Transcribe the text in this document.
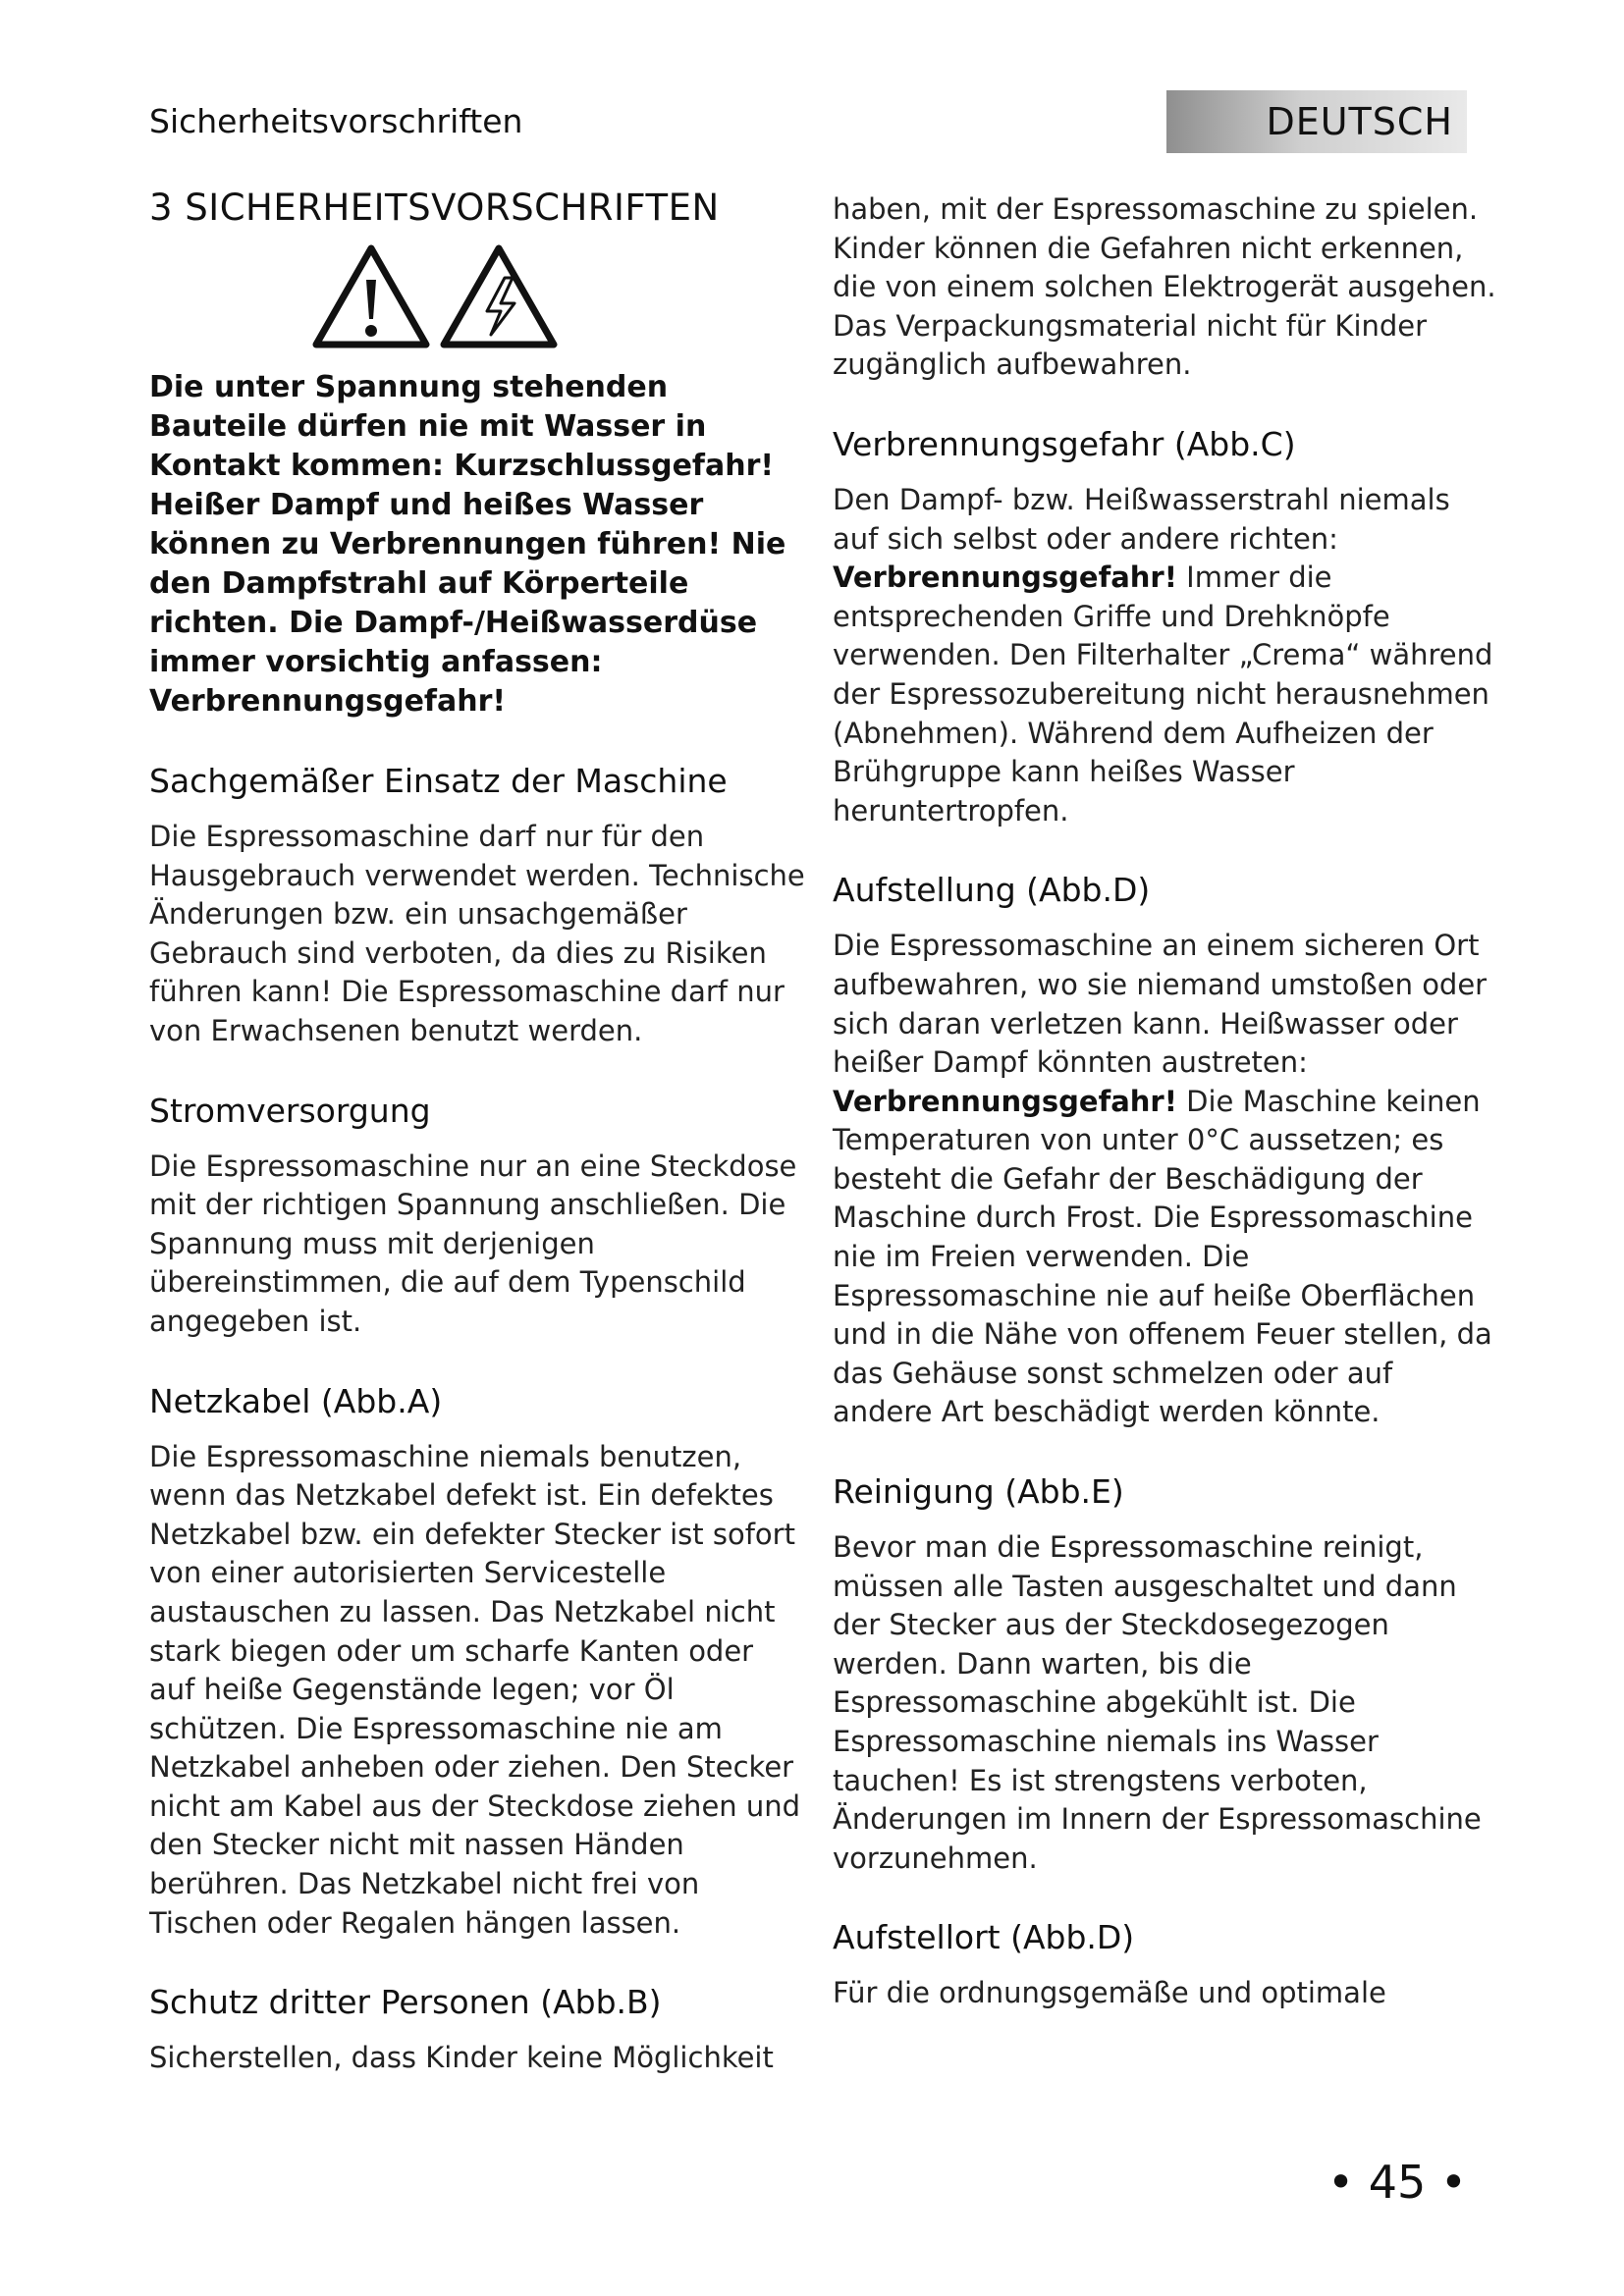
Sicherheitsvorschriften	DEUTSCH
3 SICHERHEITSVORSCHRIFTEN

Die unter Spannung stehenden Bauteile dürfen nie mit Wasser in Kontakt kommen: Kurzschlussgefahr! Heißer Dampf und heißes Wasser können zu Verbrennungen führen! Nie den Dampfstrahl auf Körperteile richten. Die Dampf-/Heißwasserdüse immer vorsichtig anfassen: Verbrennungsgefahr!

Sachgemäßer Einsatz der Maschine

Die Espressomaschine darf nur für den Hausgebrauch verwendet werden. Technische Änderungen bzw. ein unsachgemäßer Gebrauch sind verboten, da dies zu Risiken führen kann! Die Espressomaschine darf nur von Erwachsenen benutzt werden.

Stromversorgung

Die Espressomaschine nur an eine Steckdose mit der richtigen Spannung anschließen. Die Spannung muss mit derjenigen übereinstimmen, die auf dem Typenschild angegeben ist.

Netzkabel (Abb.A)

Die Espressomaschine niemals benutzen, wenn das Netzkabel defekt ist. Ein defektes Netzkabel bzw. ein defekter Stecker ist sofort von einer autorisierten Servicestelle austauschen zu lassen. Das Netzkabel nicht stark biegen oder um scharfe Kanten oder auf heiße Gegenstände legen; vor Öl schützen. Die Espressomaschine nie am Netzkabel anheben oder ziehen. Den Stecker nicht am Kabel aus der Steckdose ziehen und den Stecker nicht mit nassen Händen berühren. Das Netzkabel nicht frei von Tischen oder Regalen hängen lassen.

Schutz dritter Personen (Abb.B)

Sicherstellen, dass Kinder keine Möglichkeit

haben, mit der Espressomaschine zu spielen. Kinder können die Gefahren nicht erkennen, die von einem solchen Elektrogerät ausgehen. Das Verpackungsmaterial nicht für Kinder zugänglich aufbewahren.

Verbrennungsgefahr (Abb.C)

Den Dampf- bzw. Heißwasserstrahl niemals auf sich selbst oder andere richten: Verbrennungsgefahr! Immer die entsprechenden Griffe und Drehknöpfe verwenden. Den Filterhalter „Crema“ während der Espressozubereitung nicht herausnehmen (Abnehmen). Während dem Aufheizen der Brühgruppe kann heißes Wasser heruntertropfen.

Aufstellung (Abb.D)

Die Espressomaschine an einem sicheren Ort aufbewahren, wo sie niemand umstoßen oder sich daran verletzen kann. Heißwasser oder heißer Dampf könnten austreten: Verbrennungsgefahr! Die Maschine keinen Temperaturen von unter 0°C aussetzen; es besteht die Gefahr der Beschädigung der Maschine durch Frost. Die Espressomaschine nie im Freien verwenden. Die Espressomaschine nie auf heiße Oberflächen und in die Nähe von offenem Feuer stellen, da das Gehäuse sonst schmelzen oder auf andere Art beschädigt werden könnte.

Reinigung (Abb.E)

Bevor man die Espressomaschine reinigt, müssen alle Tasten ausgeschaltet und dann der Stecker aus der Steckdosegezogen werden. Dann warten, bis die Espressomaschine abgekühlt ist. Die Espressomaschine niemals ins Wasser tauchen! Es ist strengstens verboten, Änderungen im Innern der Espressomaschine vorzunehmen.

Aufstellort (Abb.D)

Für die ordnungsgemäße und optimale

• 45 •
